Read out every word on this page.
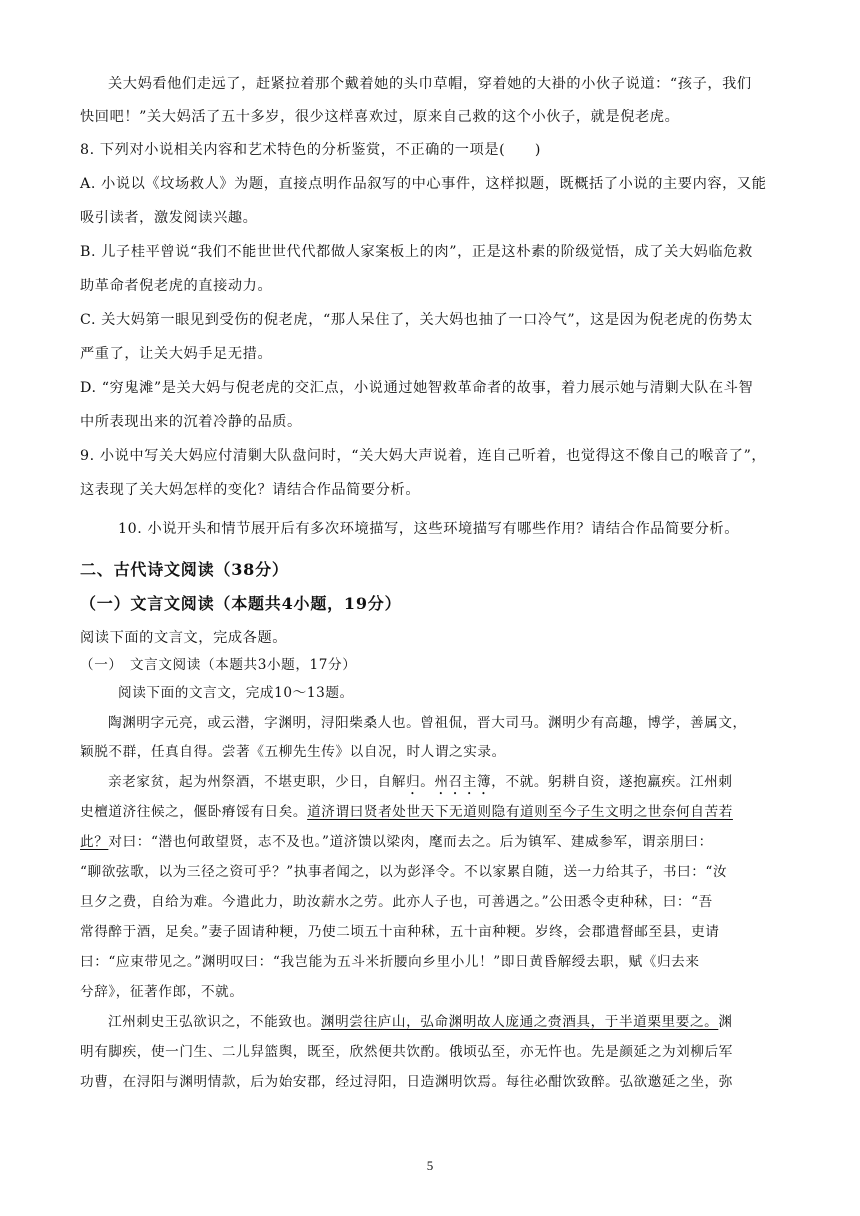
关大妈看他们走远了，赶紧拉着那个戴着她的头巾草帽，穿着她的大褂的小伙子说道：“孩子，我们
快回吧！”关大妈活了五十多岁，很少这样喜欢过，原来自己救的这个小伙子，就是倪老虎。
8. 下列对小说相关内容和艺术特色的分析鉴赏，不正确的一项是(　　)
A. 小说以《坟场救人》为题，直接点明作品叙写的中心事件，这样拟题，既概括了小说的主要内容，又能
吸引读者，激发阅读兴趣。
B. 儿子桂平曾说“我们不能世世代代都做人家案板上的肉”，正是这朴素的阶级觉悟，成了关大妈临危救
助革命者倪老虎的直接动力。
C. 关大妈第一眼见到受伤的倪老虎，“那人呆住了，关大妈也抽了一口冷气”，这是因为倪老虎的伤势太
严重了，让关大妈手足无措。
D. “穷鬼滩”是关大妈与倪老虎的交汇点，小说通过她智救革命者的故事，着力展示她与清剿大队在斗智
中所表现出来的沉着冷静的品质。
9. 小说中写关大妈应付清剿大队盘问时，“关大妈大声说着，连自己听着，也觉得这不像自己的喉音了”，
这表现了关大妈怎样的变化？请结合作品简要分析。
10. 小说开头和情节展开后有多次环境描写，这些环境描写有哪些作用？请结合作品简要分析。
二、古代诗文阅读（38分）
（一）文言文阅读（本题共4小题，19分）
阅读下面的文言文，完成各题。
（一）　文言文阅读（本题共3小题，17分）
阅读下面的文言文，完成10～13题。
陶渊明字元亮，或云潜，字渊明，浔阳柴桑人也。曾祖侃，晋大司马。渊明少有高趣，博学，善属文，
颖脱不群，任真自得。尝著《五柳先生传》以自况，时人谓之实录。
亲老家贫，起为州祭酒，不堪吏职，少日，自解归。州召主簿，不就。躬耕自资，遂抱羸疾。江州刺
史檀道济往候之，偃卧瘠馁有日矣。道济谓曰贤者处世天下无道则隐有道则至今子生文明之世奈何自苦若
此？对曰：“潜也何敢望贤，志不及也。”道济馈以梁肉，麾而去之。后为镇军、建威参军，谓亲朋曰：
“聊欲弦歌，以为三径之资可乎？”执事者闻之，以为彭泽令。不以家累自随，送一力给其子，书曰：“汝
旦夕之费，自给为难。今遣此力，助汝薪水之劳。此亦人子也，可善遇之。”公田悉令吏种秫，曰：“吾
常得醉于酒，足矣。”妻子固请种粳，乃使二顷五十亩种秫，五十亩种粳。岁终，会郡遣督邮至县，吏请
曰：“应束带见之。”渊明叹曰：“我岂能为五斗米折腰向乡里小儿！”即日黄昏解绶去职，赋《归去来
兮辞》，征著作郎，不就。
江州刺史王弘欲识之，不能致也。渊明尝往庐山，弘命渊明故人庞通之赍酒具，于半道栗里要之。渊
明有脚疾，使一门生、二儿舁篮舆，既至，欣然便共饮酌。俄顷弘至，亦无忤也。先是颜延之为刘柳后军
功曹，在浔阳与渊明情款，后为始安郡，经过浔阳，日造渊明饮焉。每往必酣饮致醉。弘欲邀延之坐，弥
5
